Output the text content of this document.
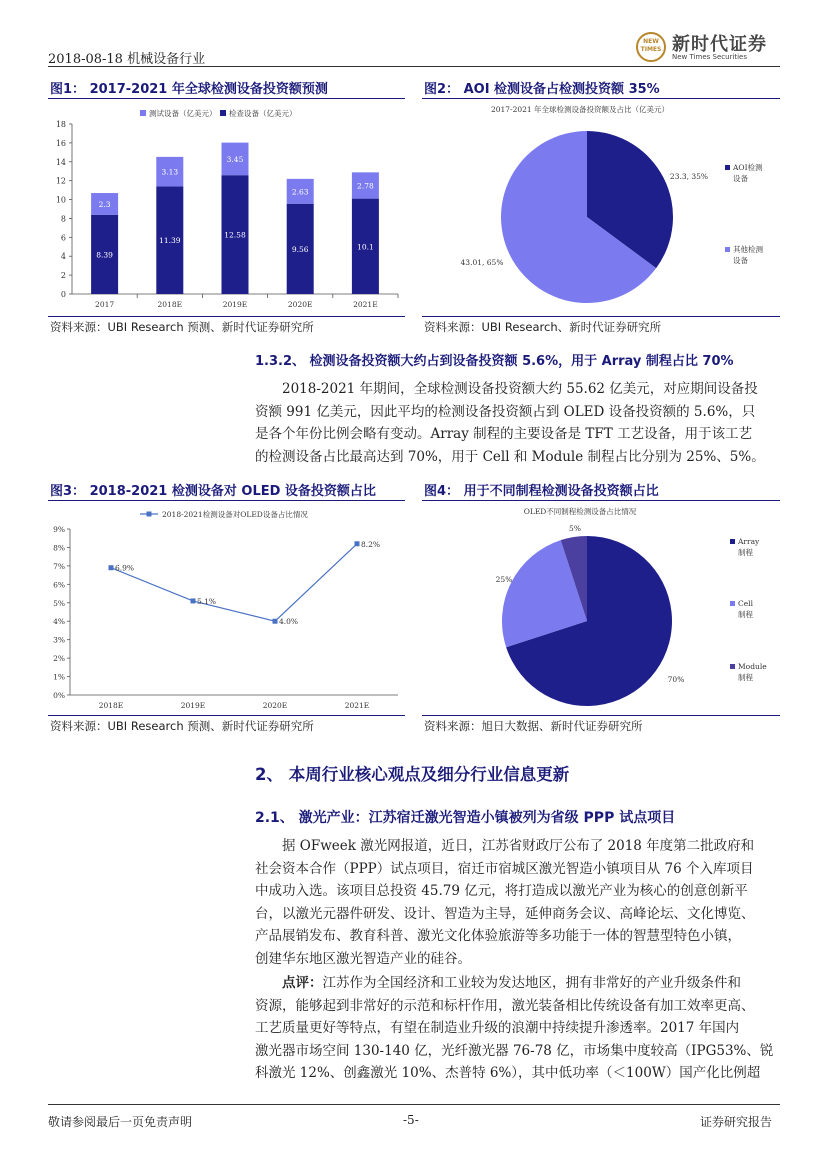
2018-08-18 机械设备行业
NEW TIMES 新时代证券
New Times Securities
图1： 2017-2021 年全球检测设备投资额预测	图2： AOI 检测设备占检测投资额 35%
0
2
4
6
8
10
12
14
16
18
8.39
2.3
2017
11.39
3.13
2018E
12.58
3.45
2019E
9.56
2.63
2020E
10.1
2.78
2021E
测试设备（亿美元） 检查设备（亿美元）	2017-2021 年全球检测设备投资额及占比（亿美元）
23.3, 35%
43.01, 65%
AOI检测
设备
其他检测
设备
资料来源：UBI Research 预测、新时代证券研究所	资料来源：UBI Research、新时代证券研究所
1.3.2、 检测设备投资额大约占到设备投资额 5.6%，用于 Array 制程占比 70%
2018-2021 年期间，全球检测设备投资额大约 55.62 亿美元，对应期间设备投
资额 991 亿美元，因此平均的检测设备投资额占到 OLED 设备投资额的 5.6%，只
是各个年份比例会略有变动。Array 制程的主要设备是 TFT 工艺设备，用于该工艺
的检测设备占比最高达到 70%，用于 Cell 和 Module 制程占比分别为 25%、5%。
图3： 2018-2021 检测设备对 OLED 设备投资额占比	图4： 用于不同制程检测设备投资额占比
0%
1%
2%
3%
4%
5%
6%
7%
8%
9%
6.9%
2018E
5.1%
2019E
4.0%
2020E
8.2%
2021E
2018-2021检测设备对OLED设备占比情况	OLED不同制程检测设备占比情况
70%
25%
5%
Array
制程
Cell
制程
Module
制程
资料来源：UBI Research 预测、新时代证券研究所	资料来源：旭日大数据、新时代证券研究所
2、 本周行业核心观点及细分行业信息更新
2.1、 激光产业：江苏宿迁激光智造小镇被列为省级 PPP 试点项目
据 OFweek 激光网报道，近日，江苏省财政厅公布了 2018 年度第二批政府和
社会资本合作（PPP）试点项目，宿迁市宿城区激光智造小镇项目从 76 个入库项目
中成功入选。该项目总投资 45.79 亿元，将打造成以激光产业为核心的创意创新平
台，以激光元器件研发、设计、智造为主导，延伸商务会议、高峰论坛、文化博览、
产品展销发布、教育科普、激光文化体验旅游等多功能于一体的智慧型特色小镇，
创建华东地区激光智造产业的硅谷。
点评：江苏作为全国经济和工业较为发达地区，拥有非常好的产业升级条件和
资源，能够起到非常好的示范和标杆作用，激光装备相比传统设备有加工效率更高、
工艺质量更好等特点，有望在制造业升级的浪潮中持续提升渗透率。2017 年国内
激光器市场空间 130-140 亿，光纤激光器 76-78 亿，市场集中度较高（IPG53%、锐
科激光 12%、创鑫激光 10%、杰普特 6%），其中低功率（＜100W）国产化比例超
敬请参阅最后一页免责声明	-5-	证券研究报告
